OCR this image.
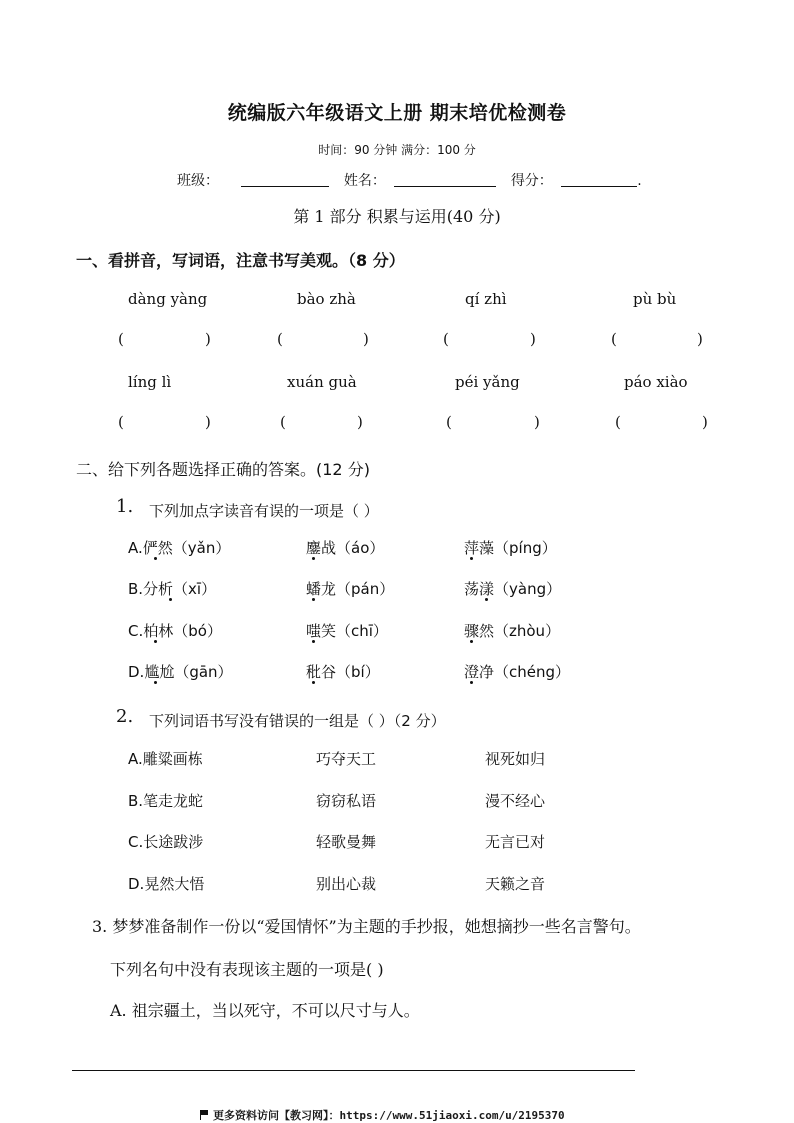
统编版六年级语文上册 期末培优检测卷
时间：90 分钟 满分：100 分
班级：	姓名：	得分：	.
第 1 部分 积累与运用(40 分)
一、看拼音，写词语，注意书写美观。（8 分）
dàng yàng	bào zhà	qí zhì	pù bù
(	)	(	)	(	)	(	)
líng lì	xuán guà	péi yǎng	páo xiào
(	)	(	)	(	)	(	)
二、给下列各题选择正确的答案。(12 分)
1. 下列加点字读音有误的一项是（ ）
A.俨然（yǎn）	鏖战（áo）	萍藻（píng）
B.分析（xī）	蟠龙（pán）	荡漾（yàng）
C.柏林（bó）	嗤笑（chī）	骤然（zhòu）
D.尴尬（gān）	秕谷（bí）	澄净（chéng）
2. 下列词语书写没有错误的一组是（ ）（2 分）
A.雕粱画栋	巧夺天工	视死如归
B.笔走龙蛇	窃窃私语	漫不经心
C.长途跋涉	轻歌曼舞	无言已对
D.晃然大悟	别出心裁	天籁之音
3. 梦梦准备制作一份以“爱国情怀”为主题的手抄报，她想摘抄一些名言警句。
下列名句中没有表现该主题的一项是( )
A. 祖宗疆土，当以死守，不可以尺寸与人。
更多资料访问【教习网】：https://www.51jiaoxi.com/u/2195370
